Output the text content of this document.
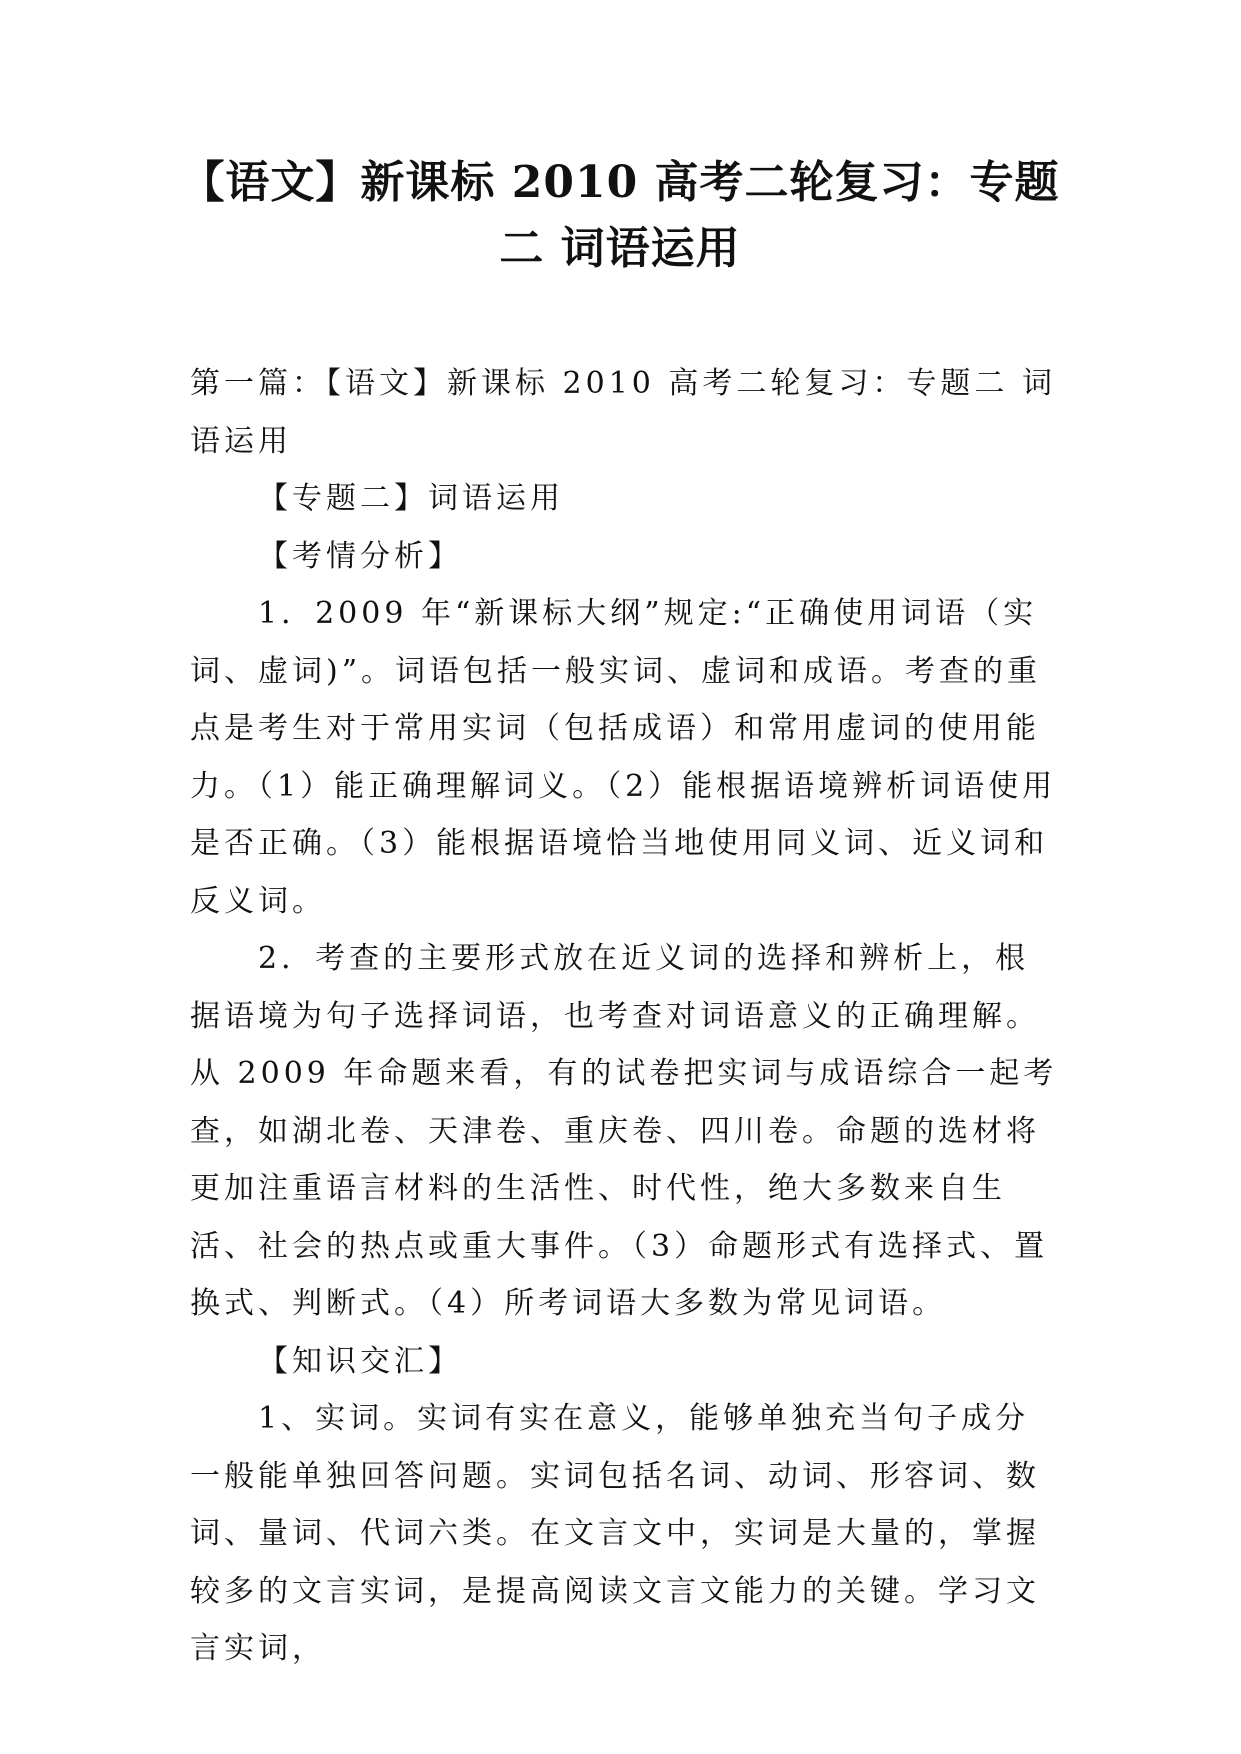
【语文】新课标 2010 高考二轮复习：专题二 词语运用

第一篇：【语文】新课标 2010 高考二轮复习：专题二 词语运用

【专题二】词语运用

【考情分析】

1．2009 年“新课标大纲”规定:“正确使用词语（实词、虚词)”。词语包括一般实词、虚词和成语。考查的重点是考生对于常用实词（包括成语）和常用虚词的使用能力。（1）能正确理解词义。（2）能根据语境辨析词语使用是否正确。（3）能根据语境恰当地使用同义词、近义词和反义词。

2．考查的主要形式放在近义词的选择和辨析上，根据语境为句子选择词语，也考查对词语意义的正确理解。从 2009 年命题来看，有的试卷把实词与成语综合一起考查，如湖北卷、天津卷、重庆卷、四川卷。命题的选材将更加注重语言材料的生活性、时代性，绝大多数来自生活、社会的热点或重大事件。（3）命题形式有选择式、置换式、判断式。（4）所考词语大多数为常见词语。

【知识交汇】

1、实词。实词有实在意义，能够单独充当句子成分一般能单独回答问题。实词包括名词、动词、形容词、数词、量词、代词六类。在文言文中，实词是大量的，掌握较多的文言实词，是提高阅读文言文能力的关键。学习文言实词，
